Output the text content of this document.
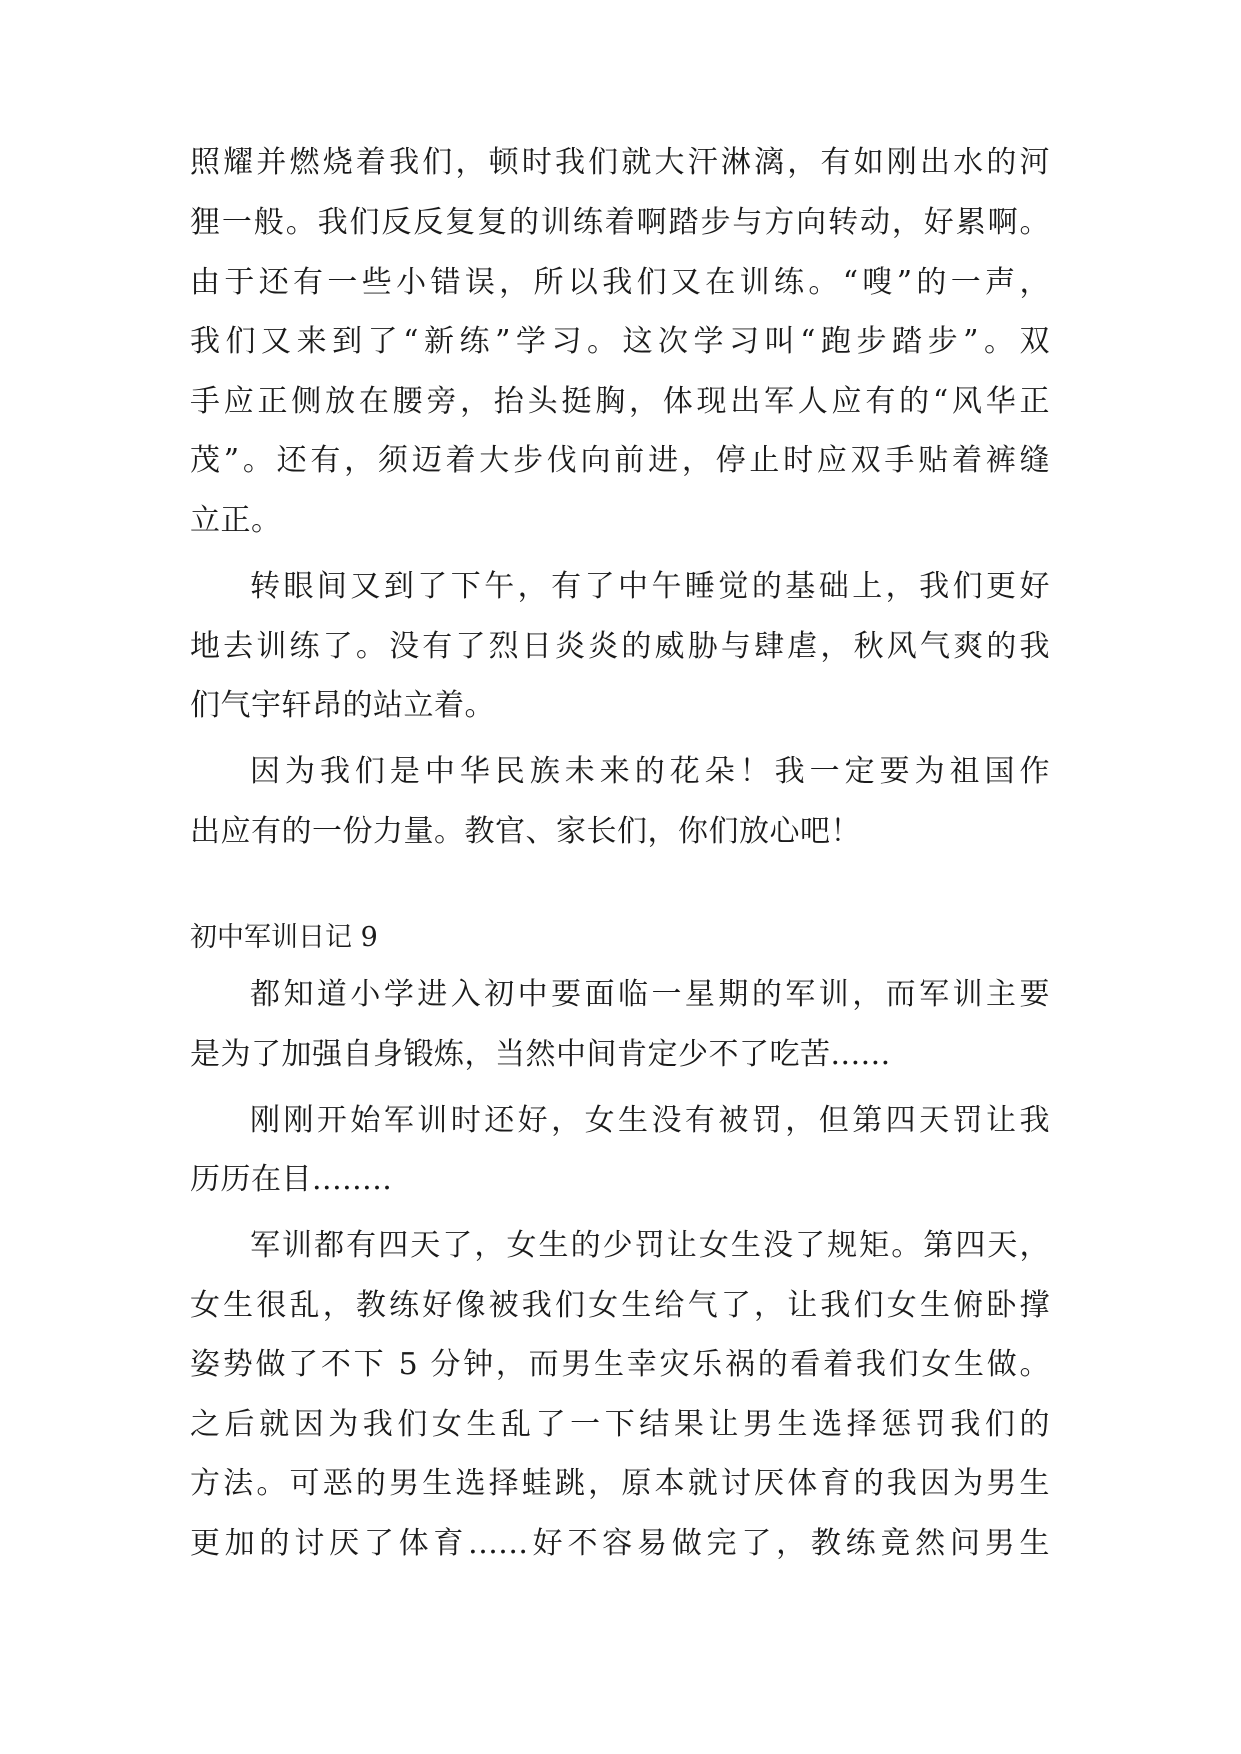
照耀并燃烧着我们，顿时我们就大汗淋漓，有如刚出水的河
狸一般。我们反反复复的训练着啊踏步与方向转动，好累啊。
由于还有一些小错误，所以我们又在训练。“嗖”的一声，
我们又来到了“新练”学习。这次学习叫“跑步踏步”。双
手应正侧放在腰旁，抬头挺胸，体现出军人应有的“风华正
茂”。还有，须迈着大步伐向前进，停止时应双手贴着裤缝
立正。
转眼间又到了下午，有了中午睡觉的基础上，我们更好
地去训练了。没有了烈日炎炎的威胁与肆虐，秋风气爽的我
们气宇轩昂的站立着。
因为我们是中华民族未来的花朵！我一定要为祖国作
出应有的一份力量。教官、家长们，你们放心吧！
初中军训日记 9
都知道小学进入初中要面临一星期的军训，而军训主要
是为了加强自身锻炼，当然中间肯定少不了吃苦......
刚刚开始军训时还好，女生没有被罚，但第四天罚让我
历历在目........
军训都有四天了，女生的少罚让女生没了规矩。第四天，
女生很乱，教练好像被我们女生给气了，让我们女生俯卧撑
姿势做了不下 5 分钟，而男生幸灾乐祸的看着我们女生做。
之后就因为我们女生乱了一下结果让男生选择惩罚我们的
方法。可恶的男生选择蛙跳，原本就讨厌体育的我因为男生
更加的讨厌了体育......好不容易做完了，教练竟然问男生
